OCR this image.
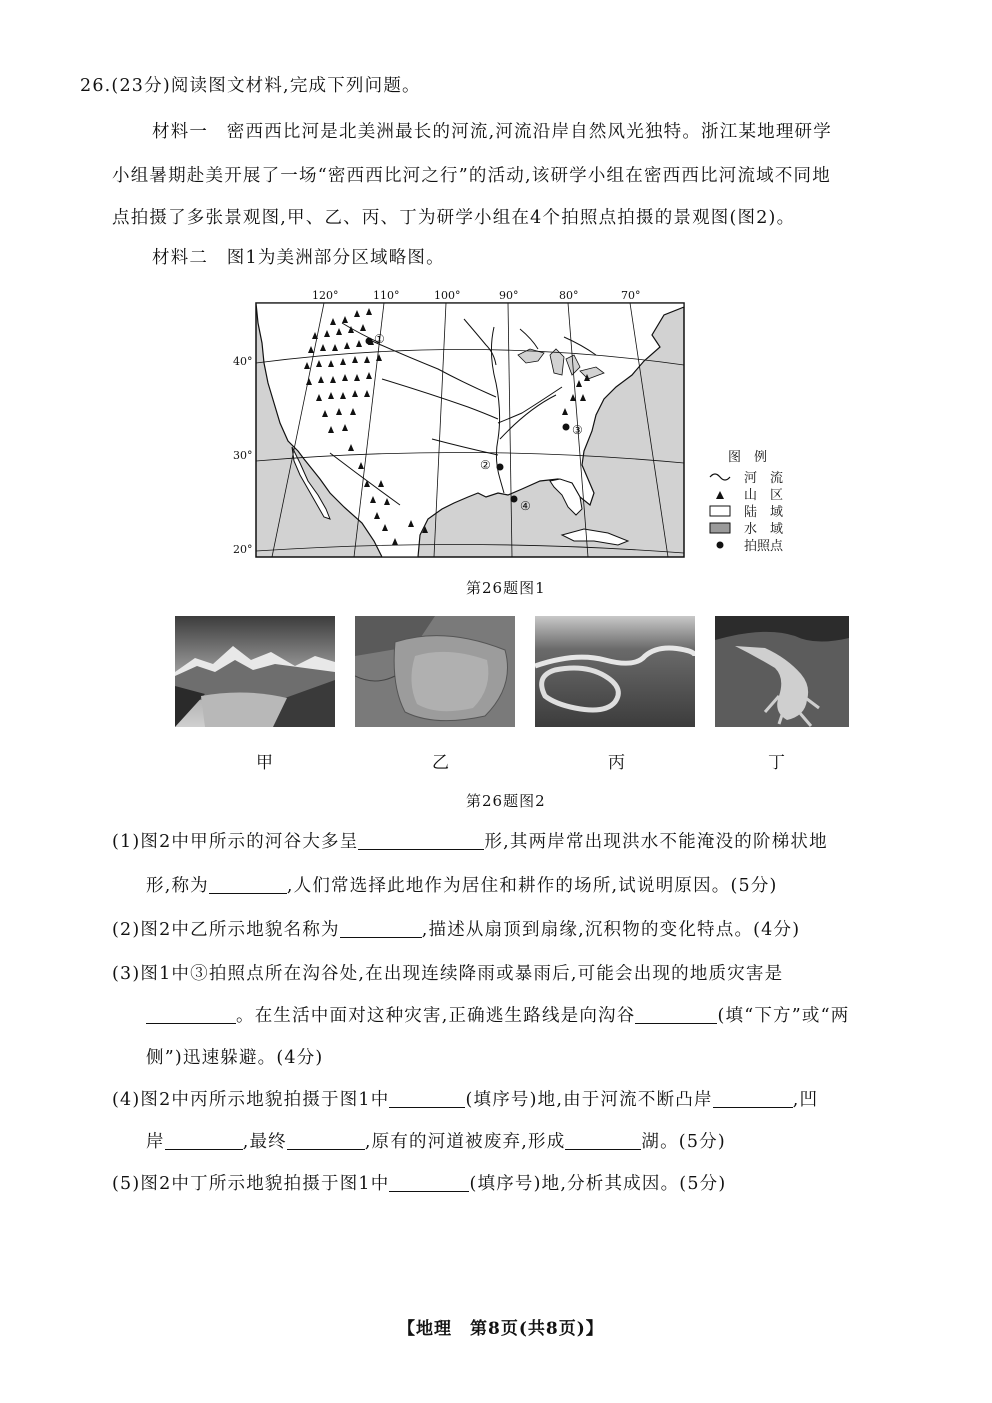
26.(23分)阅读图文材料,完成下列问题。
材料一　密西西比河是北美洲最长的河流,河流沿岸自然风光独特。浙江某地理研学
小组暑期赴美开展了一场“密西西比河之行”的活动,该研学小组在密西西比河流域不同地
点拍摄了多张景观图,甲、乙、丙、丁为研学小组在4个拍照点拍摄的景观图(图2)。
材料二　图1为美洲部分区域略图。
①
②
③
④
120°	110°	100°	90°	80°	70°
40°
30°
20°
图　例
河　流
山　区
陆　域
水　域
拍照点
第26题图1
甲	乙	丙	丁
第26题图2
(1)图2中甲所示的河谷大多呈	形,其两岸常出现洪水不能淹没的阶梯状地
形,称为	,人们常选择此地作为居住和耕作的场所,试说明原因。(5分)
(2)图2中乙所示地貌名称为	,描述从扇顶到扇缘,沉积物的变化特点。(4分)
(3)图1中③拍照点所在沟谷处,在出现连续降雨或暴雨后,可能会出现的地质灾害是
。在生活中面对这种灾害,正确逃生路线是向沟谷	(填“下方”或“两
侧”)迅速躲避。(4分)
(4)图2中丙所示地貌拍摄于图1中	(填序号)地,由于河流不断凸岸	,凹
岸	,最终	,原有的河道被废弃,形成	湖。(5分)
(5)图2中丁所示地貌拍摄于图1中	(填序号)地,分析其成因。(5分)
【地理　第8页(共8页)】
